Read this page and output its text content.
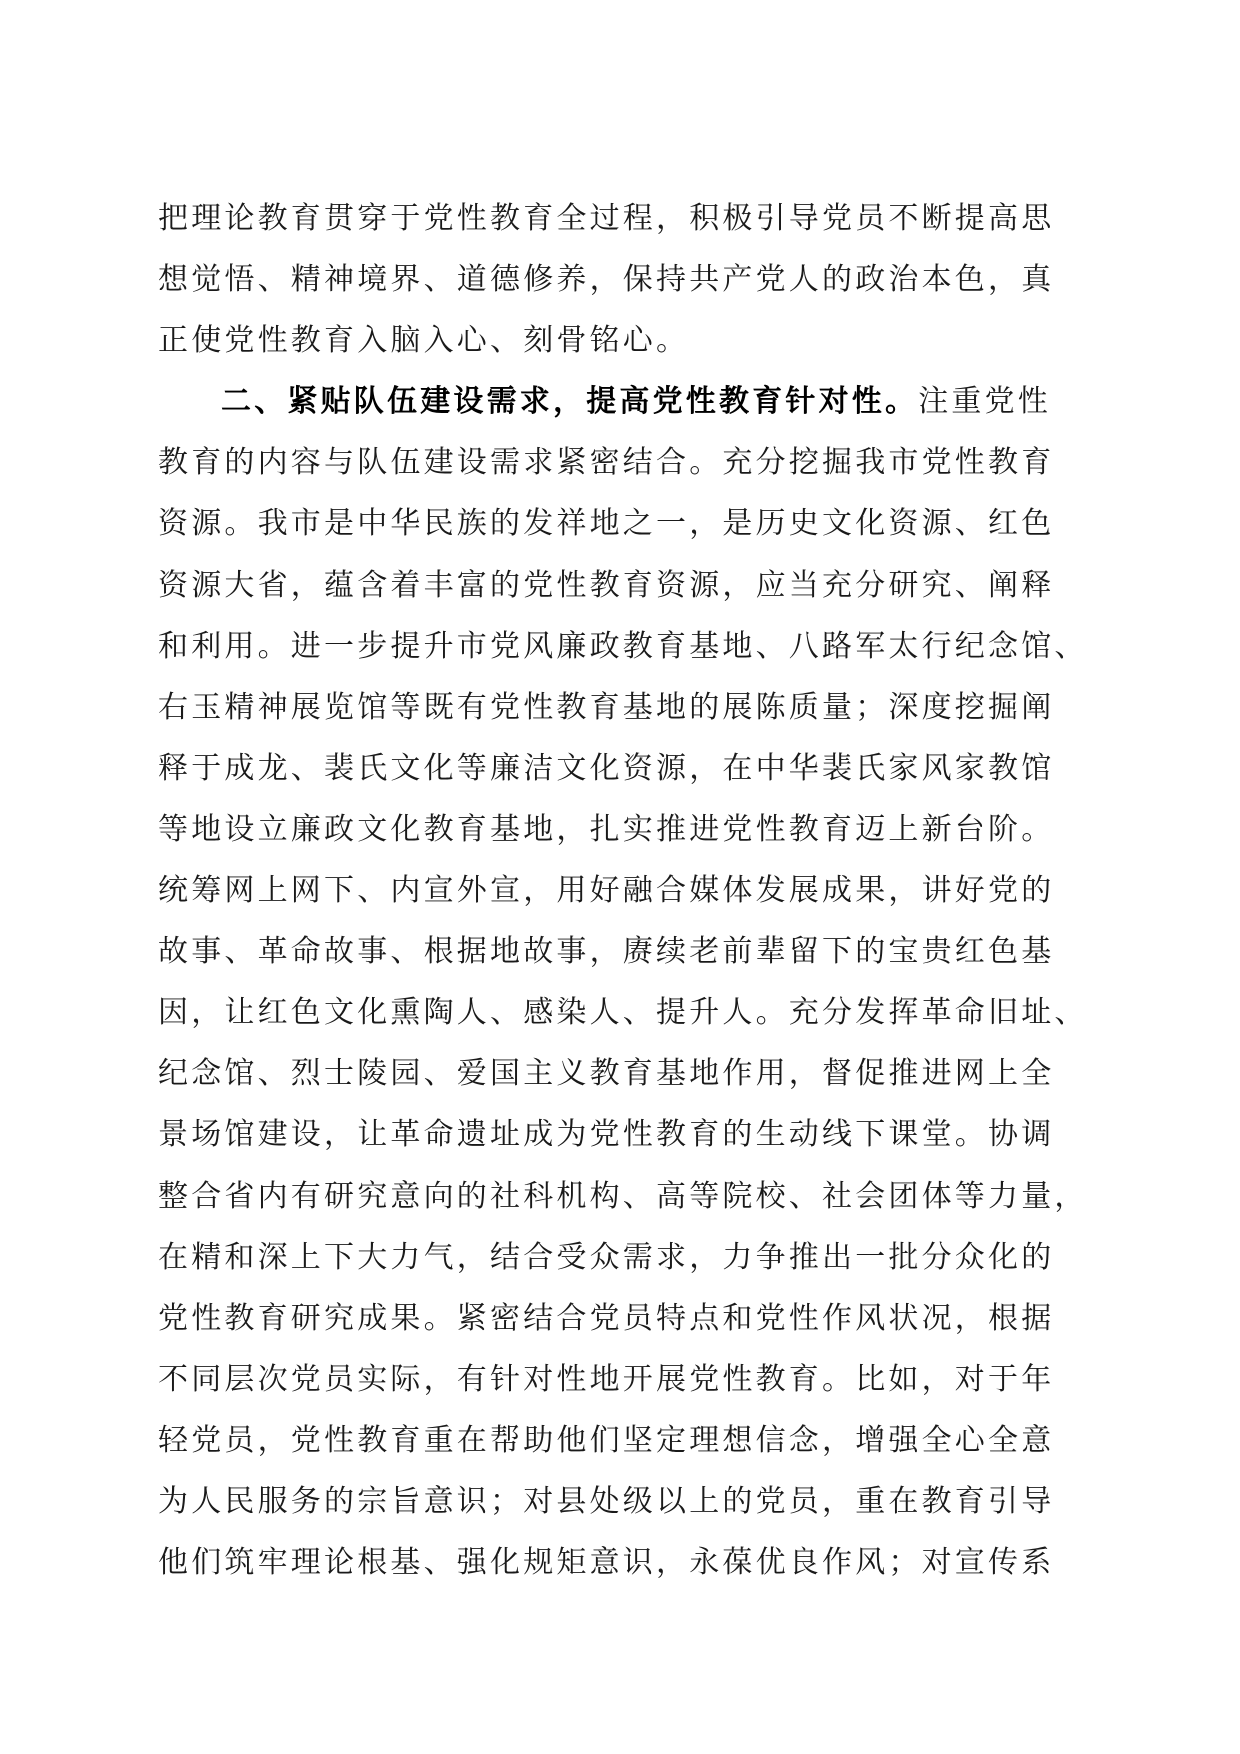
把理论教育贯穿于党性教育全过程，积极引导党员不断提高思
想觉悟、精神境界、道德修养，保持共产党人的政治本色，真
正使党性教育入脑入心、刻骨铭心。
二、紧贴队伍建设需求，提高党性教育针对性。注重党性
教育的内容与队伍建设需求紧密结合。充分挖掘我市党性教育
资源。我市是中华民族的发祥地之一，是历史文化资源、红色
资源大省，蕴含着丰富的党性教育资源，应当充分研究、阐释
和利用。进一步提升市党风廉政教育基地、八路军太行纪念馆、
右玉精神展览馆等既有党性教育基地的展陈质量；深度挖掘阐
释于成龙、裴氏文化等廉洁文化资源，在中华裴氏家风家教馆
等地设立廉政文化教育基地，扎实推进党性教育迈上新台阶。
统筹网上网下、内宣外宣，用好融合媒体发展成果，讲好党的
故事、革命故事、根据地故事，赓续老前辈留下的宝贵红色基
因，让红色文化熏陶人、感染人、提升人。充分发挥革命旧址、
纪念馆、烈士陵园、爱国主义教育基地作用，督促推进网上全
景场馆建设，让革命遗址成为党性教育的生动线下课堂。协调
整合省内有研究意向的社科机构、高等院校、社会团体等力量，
在精和深上下大力气，结合受众需求，力争推出一批分众化的
党性教育研究成果。紧密结合党员特点和党性作风状况，根据
不同层次党员实际，有针对性地开展党性教育。比如，对于年
轻党员，党性教育重在帮助他们坚定理想信念，增强全心全意
为人民服务的宗旨意识；对县处级以上的党员，重在教育引导
他们筑牢理论根基、强化规矩意识，永葆优良作风；对宣传系
